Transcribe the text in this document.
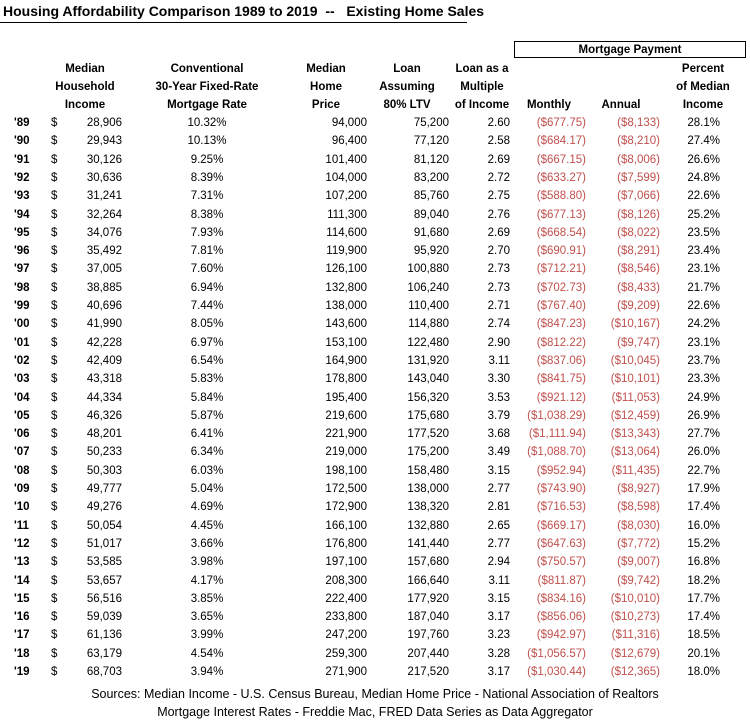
Housing Affordability Comparison 1989 to 2019  --   Existing Home Sales
Mortgage Payment
Median
Household
Income
Conventional
30-Year Fixed-Rate
Mortgage Rate
Median
Home
Price
Loan
Assuming
80% LTV
Loan as a
Multiple
of Income	Monthly	Annual
Percent
of Median
Income
'89 $	28,906	10.32%	94,000	75,200	2.60	($677.75)	($8,133)	28.1%
'90 $	29,943	10.13%	96,400	77,120	2.58	($684.17)	($8,210)	27.4%
'91 $	30,126	9.25%	101,400	81,120	2.69	($667.15)	($8,006)	26.6%
'92 $	30,636	8.39%	104,000	83,200	2.72	($633.27)	($7,599)	24.8%
'93 $	31,241	7.31%	107,200	85,760	2.75	($588.80)	($7,066)	22.6%
'94 $	32,264	8.38%	111,300	89,040	2.76	($677.13)	($8,126)	25.2%
'95 $	34,076	7.93%	114,600	91,680	2.69	($668.54)	($8,022)	23.5%
'96 $	35,492	7.81%	119,900	95,920	2.70	($690.91)	($8,291)	23.4%
'97 $	37,005	7.60%	126,100	100,880	2.73	($712.21)	($8,546)	23.1%
'98 $	38,885	6.94%	132,800	106,240	2.73	($702.73)	($8,433)	21.7%
'99 $	40,696	7.44%	138,000	110,400	2.71	($767.40)	($9,209)	22.6%
'00 $	41,990	8.05%	143,600	114,880	2.74	($847.23)	($10,167)	24.2%
'01 $	42,228	6.97%	153,100	122,480	2.90	($812.22)	($9,747)	23.1%
'02 $	42,409	6.54%	164,900	131,920	3.11	($837.06)	($10,045)	23.7%
'03 $	43,318	5.83%	178,800	143,040	3.30	($841.75)	($10,101)	23.3%
'04 $	44,334	5.84%	195,400	156,320	3.53	($921.12)	($11,053)	24.9%
'05 $	46,326	5.87%	219,600	175,680	3.79	($1,038.29)	($12,459)	26.9%
'06 $	48,201	6.41%	221,900	177,520	3.68	($1,111.94)	($13,343)	27.7%
'07 $	50,233	6.34%	219,000	175,200	3.49	($1,088.70)	($13,064)	26.0%
'08 $	50,303	6.03%	198,100	158,480	3.15	($952.94)	($11,435)	22.7%
'09 $	49,777	5.04%	172,500	138,000	2.77	($743.90)	($8,927)	17.9%
'10 $	49,276	4.69%	172,900	138,320	2.81	($716.53)	($8,598)	17.4%
'11 $	50,054	4.45%	166,100	132,880	2.65	($669.17)	($8,030)	16.0%
'12 $	51,017	3.66%	176,800	141,440	2.77	($647.63)	($7,772)	15.2%
'13 $	53,585	3.98%	197,100	157,680	2.94	($750.57)	($9,007)	16.8%
'14 $	53,657	4.17%	208,300	166,640	3.11	($811.87)	($9,742)	18.2%
'15 $	56,516	3.85%	222,400	177,920	3.15	($834.16)	($10,010)	17.7%
'16 $	59,039	3.65%	233,800	187,040	3.17	($856.06)	($10,273)	17.4%
'17 $	61,136	3.99%	247,200	197,760	3.23	($942.97)	($11,316)	18.5%
'18 $	63,179	4.54%	259,300	207,440	3.28	($1,056.57)	($12,679)	20.1%
'19 $	68,703	3.94%	271,900	217,520	3.17	($1,030.44)	($12,365)	18.0%
Sources: Median Income - U.S. Census Bureau, Median Home Price - National Association of Realtors
Mortgage Interest Rates - Freddie Mac, FRED Data Series as Data Aggregator
